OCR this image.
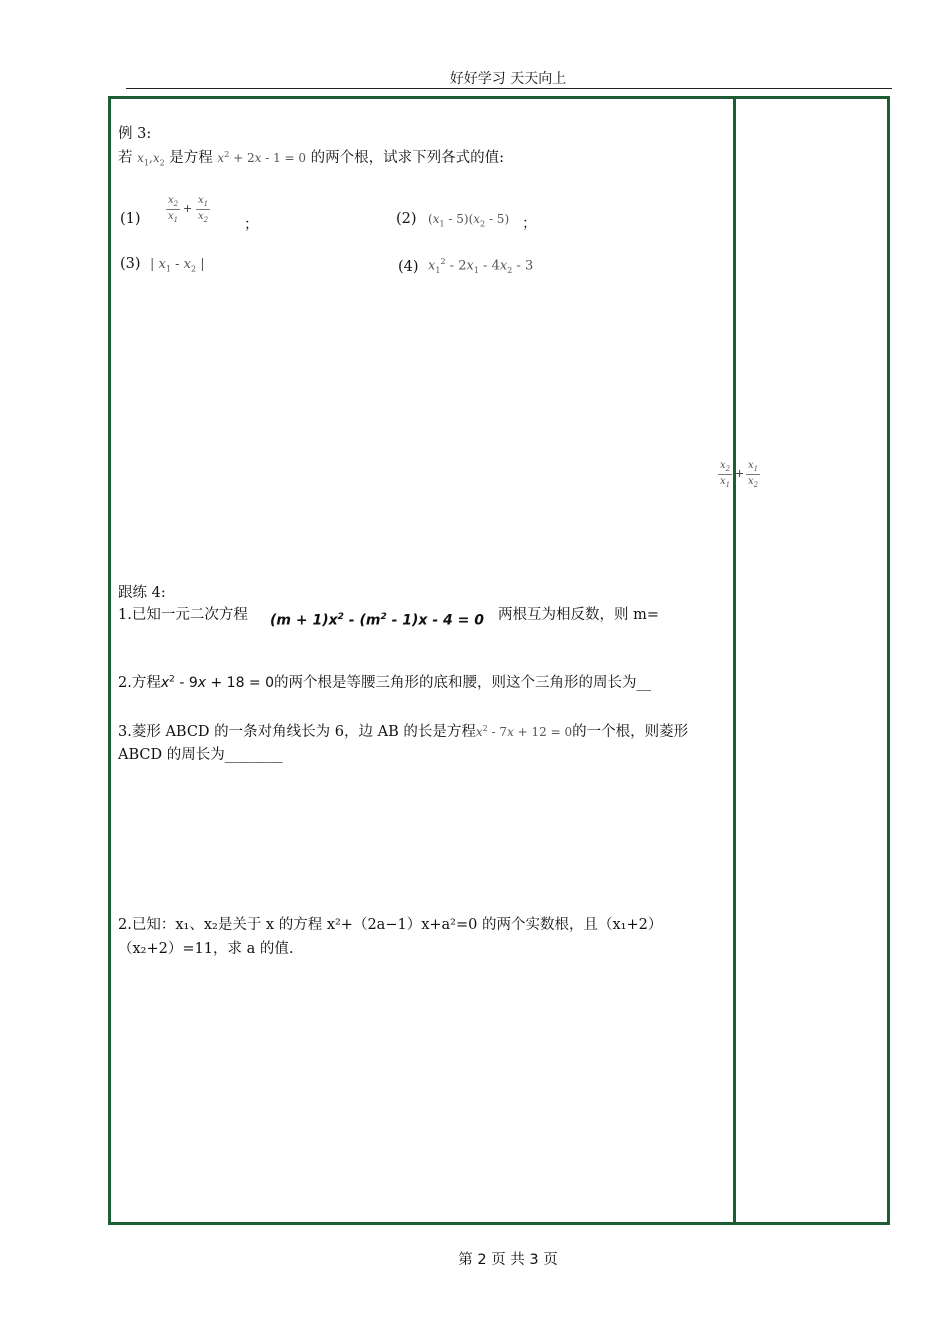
好好学习 天天向上
例 3:
若 $x_1,x_2$ 是方程 $x^2 + 2x - 1 = 0$ 的两个根，试求下列各式的值:
(1)
$x_2$
$x_1$
+
$x_1$
$x_2$ ；	(2) $(x_1 - 5)(x_2 - 5)$ ；
(3) | $x_1 - x_2$ |	(4) $x_1^2 - 2x_1 - 4x_2 - 3$
$x_2$
$x_1$
+
$x_1$
$x_2$
跟练 4:
1.已知一元二次方程 $(m + 1)x^2 - (m^2 - 1)x - 4 = 0$ 两根互为相反数，则 m=
2.方程$x^2 - 9x + 18 = 0$的两个根是等腰三角形的底和腰，则这个三角形的周长为__
3.菱形 ABCD 的一条对角线长为 6，边 AB 的长是方程$x^2 - 7x + 12 = 0$的一个根，则菱形
ABCD 的周长为________
2.已知：x₁、x₂是关于 x 的方程 x²+（2a−1）x+a²=0 的两个实数根，且（x₁+2）
（x₂+2）=11，求 a 的值.
第 2 页 共 3 页
